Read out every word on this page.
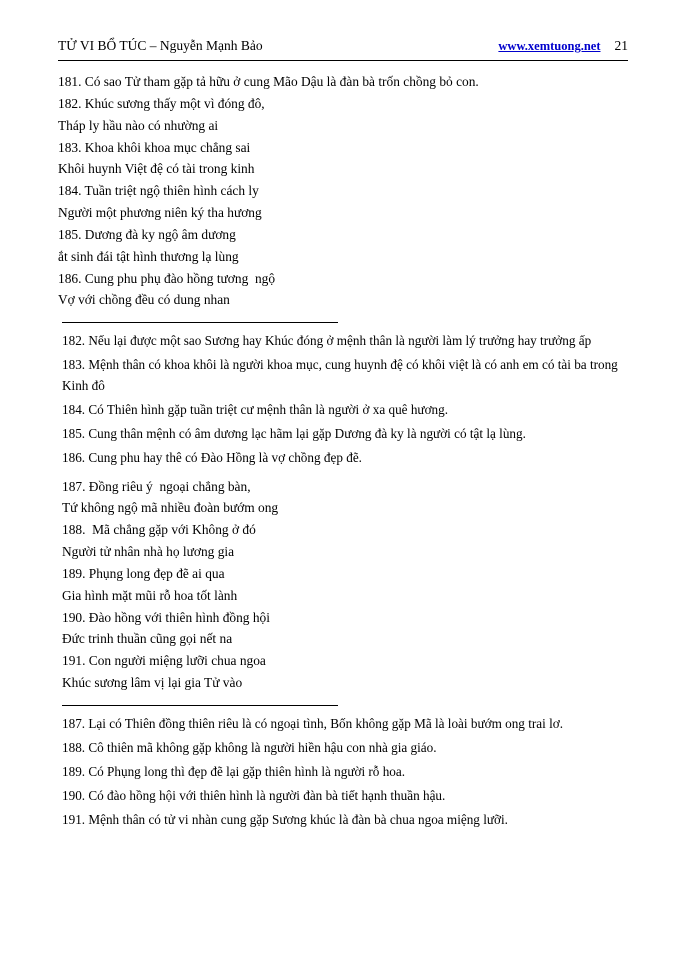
TỬ VI BỔ TÚC – Nguyễn Mạnh Bảo	www.xemtuong.net 21
181. Có sao Tử tham gặp tả hữu ở cung Mão Dậu là đàn bà trốn chồng bỏ con.
182. Khúc sương thấy một vì đóng đô,
Tháp ly hầu nào có nhường ai
183. Khoa khôi khoa mục chẳng sai
Khôi huynh Việt đệ có tài trong kinh
184. Tuần triệt ngộ thiên hình cách ly
Người một phương niên ký tha hương
185. Dương đà ky ngộ âm dương
ắt sinh đái tật hình thương lạ lùng
186. Cung phu phụ đào hồng tương  ngộ
Vợ với chồng đều có dung nhan

182. Nếu lại được một sao Sương hay Khúc đóng ở mệnh thân là người làm lý trưởng hay trưởng ấp

183. Mệnh thân có khoa khôi là người khoa mục, cung huynh đệ có khôi việt là có anh em có tài ba trong Kinh đô

184. Có Thiên hình gặp tuần triệt cư mệnh thân là người ở xa quê hương.

185. Cung thân mệnh có âm dương lạc hãm lại gặp Dương đà ky là người có tật lạ lùng.

186. Cung phu hay thê có Đào Hồng là vợ chồng đẹp đẽ.

187. Đồng riêu ý  ngoại chẳng bàn,
Tứ không ngộ mã nhiều đoàn bướm ong
188.  Mã chẳng gặp với Không ở đó
Người tử nhân nhà họ lương gia
189. Phụng long đẹp đẽ ai qua
Gia hình mặt mũi rỗ hoa tốt lành
190. Đào hồng với thiên hình đồng hội
Đức trinh thuần cũng gọi nết na
191. Con người miệng lưỡi chua ngoa
Khúc sương lâm vị lại gia Tử vào

187. Lại có Thiên đồng thiên riêu là có ngoại tình, Bốn không gặp Mã là loài bướm ong trai lơ.

188. Cô thiên mã không gặp không là người hiền hậu con nhà gia giáo.

189. Có Phụng long thì đẹp đẽ lại gặp thiên hình là người rỗ hoa.

190. Có đào hồng hội với thiên hình là người đàn bà tiết hạnh thuần hậu.

191. Mệnh thân có tử vi nhàn cung gặp Sương khúc là đàn bà chua ngoa miệng lưỡi.
